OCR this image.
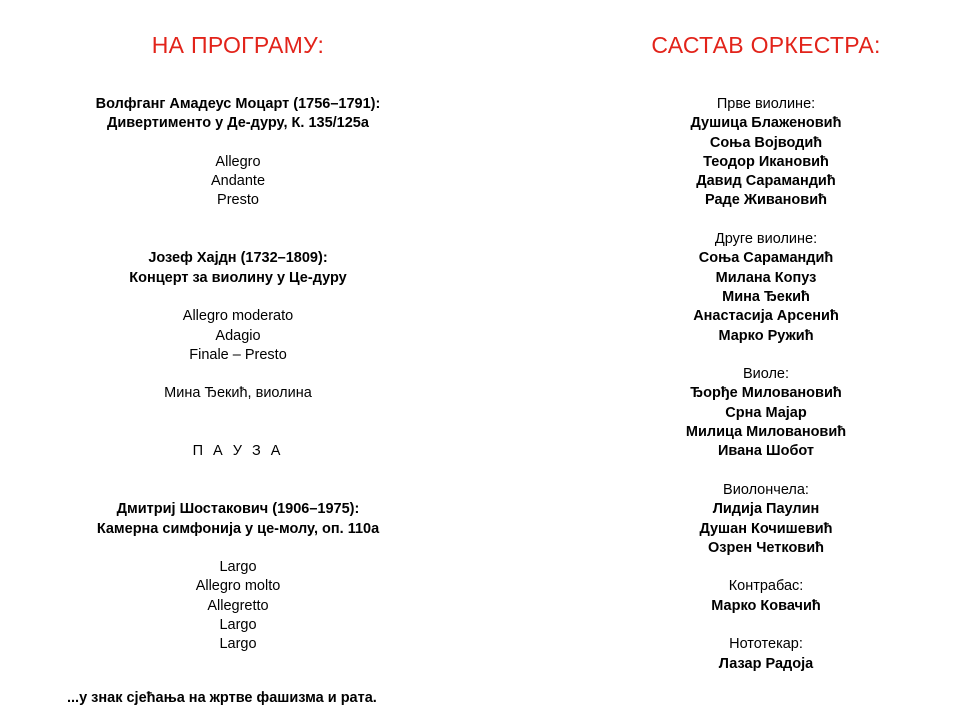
НА ПРОГРАМУ:
Волфганг Амадеус Моцарт (1756–1791):
Дивертименто у Де-дуру, К. 135/125а
Allegro
Andante
Presto
Јозеф Хајдн (1732–1809):
Концерт за виолину у Це-дуру
Allegro moderato
Adagio
Finale – Presto
Мина Ђекић, виолина
П А У З А
Дмитриј Шостакович (1906–1975):
Камерна симфонија у це-молу, оп. 110а
Largo
Allegro molto
Allegretto
Largo
Largo
САСТАВ ОРКЕСТРА:
Прве виолине:
Душица Блаженовић
Соња Војводић
Теодор Икановић
Давид Сарамандић
Раде Живановић
Друге виолине:
Соња Сарамандић
Милана Копуз
Мина Ђекић
Анастасија Арсенић
Марко Ружић
Виоле:
Ђорђе Миловановић
Срна Мајар
Милица Миловановић
Ивана Шобот
Виолончела:
Лидија Паулин
Душан Кочишевић
Озрен Четковић
Контрабас:
Марко Ковачић
Нототекар:
Лазар Радоја
...у знак сјећања на жртве фашизма и рата.
